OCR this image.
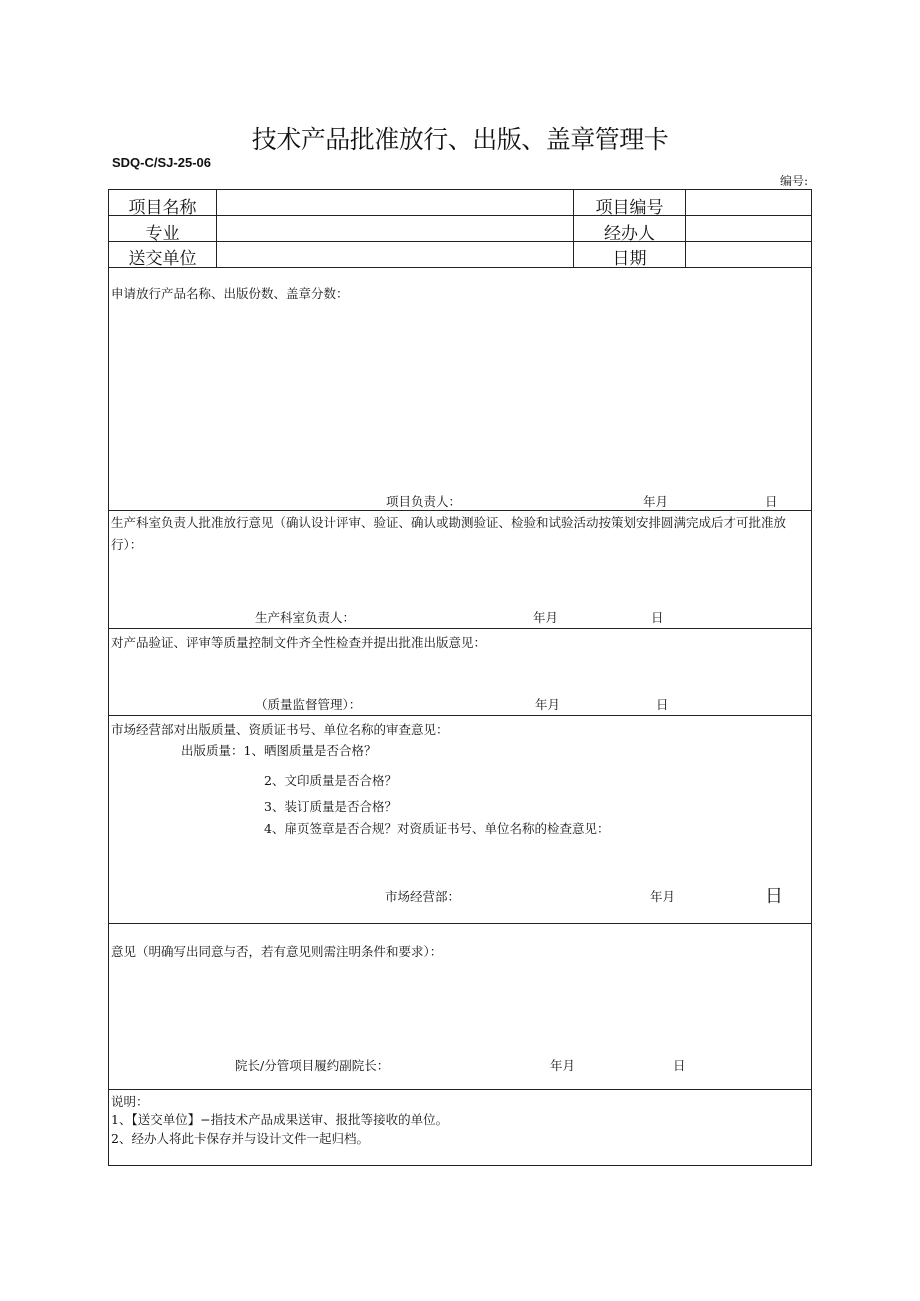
技术产品批准放行、出版、盖章管理卡
SDQ-C/SJ-25-06
编号:
项目名称	项目编号
专业	经办人
送交单位	日期
申请放行产品名称、出版份数、盖章分数：
项目负责人：	年月	日
生产科室负责人批准放行意见（确认设计评审、验证、确认或勘测验证、检验和试验活动按策划安排圆满完成后才可批准放行）：
生产科室负责人：	年月	日
对产品验证、评审等质量控制文件齐全性检查并提出批准出版意见：
（质量监督管理）：	年月	日
市场经营部对出版质量、资质证书号、单位名称的审查意见：
出版质量：1、晒图质量是否合格？
2、文印质量是否合格？
3、装订质量是否合格？
4、扉页签章是否合规？对资质证书号、单位名称的检查意见：
市场经营部：	年月	日
意见（明确写出同意与否，若有意见则需注明条件和要求）：
院长/分管项目履约副院长：	年月	日
说明：
1、【送交单位】−指技术产品成果送审、报批等接收的单位。
2、经办人将此卡保存并与设计文件一起归档。
